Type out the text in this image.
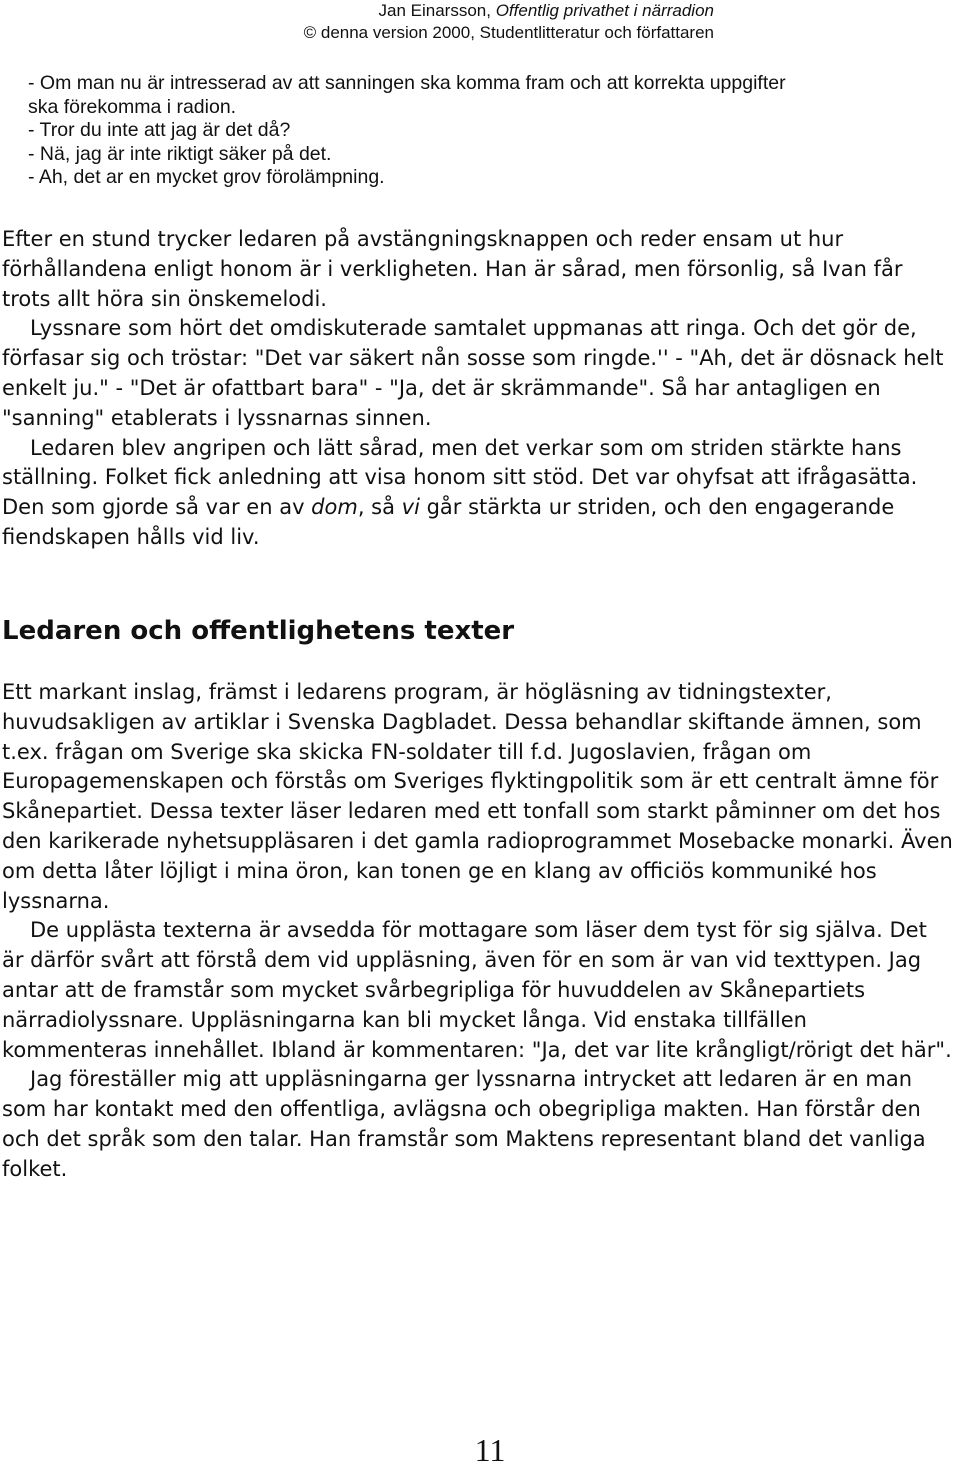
Jan Einarsson, Offentlig privathet i närradion
© denna version 2000, Studentlitteratur och författaren

- Om man nu är intresserad av att sanningen ska komma fram och att korrekta uppgifter

ska förekomma i radion.

- Tror du inte att jag är det då?

- Nä, jag är inte riktigt säker på det.

- Ah, det ar en mycket grov förolämpning.

Efter en stund trycker ledaren på avstängningsknappen och reder ensam ut hur förhållandena enligt honom är i verkligheten. Han är sårad, men försonlig, så Ivan får trots allt höra sin önskemelodi.

Lyssnare som hört det omdiskuterade samtalet uppmanas att ringa. Och det gör de, förfasar sig och tröstar: "Det var säkert nån sosse som ringde.'' - "Ah, det är dösnack helt enkelt ju." - "Det är ofattbart bara" - "Ja, det är skrämmande". Så har antagligen en "sanning" etablerats i lyssnarnas sinnen.

Ledaren blev angripen och lätt sårad, men det verkar som om striden stärkte hans ställning. Folket fick anledning att visa honom sitt stöd. Det var ohyfsat att ifrågasätta. Den som gjorde så var en av dom, så vi går stärkta ur striden, och den engagerande fiendskapen hålls vid liv.

Ledaren och offentlighetens texter

Ett markant inslag, främst i ledarens program, är högläsning av tidningstexter, huvudsakligen av artiklar i Svenska Dagbladet. Dessa behandlar skiftande ämnen, som t.ex. frågan om Sverige ska skicka FN-soldater till f.d. Jugoslavien, frågan om Europagemenskapen och förstås om Sveriges flyktingpolitik som är ett centralt ämne för Skånepartiet. Dessa texter läser ledaren med ett tonfall som starkt påminner om det hos den karikerade nyhetsuppläsaren i det gamla radioprogrammet Mosebacke monarki. Även om detta låter löjligt i mina öron, kan tonen ge en klang av officiös kommuniké hos lyssnarna.

De upplästa texterna är avsedda för mottagare som läser dem tyst för sig själva. Det är därför svårt att förstå dem vid uppläsning, även för en som är van vid texttypen. Jag antar att de framstår som mycket svårbegripliga för huvuddelen av Skånepartiets närradiolyssnare. Uppläsningarna kan bli mycket långa. Vid enstaka tillfällen kommenteras innehållet. Ibland är kommentaren: "Ja, det var lite krångligt/rörigt det här".

Jag föreställer mig att uppläsningarna ger lyssnarna intrycket att ledaren är en man som har kontakt med den offentliga, avlägsna och obegripliga makten. Han förstår den och det språk som den talar. Han framstår som Maktens representant bland det vanliga folket.

11
